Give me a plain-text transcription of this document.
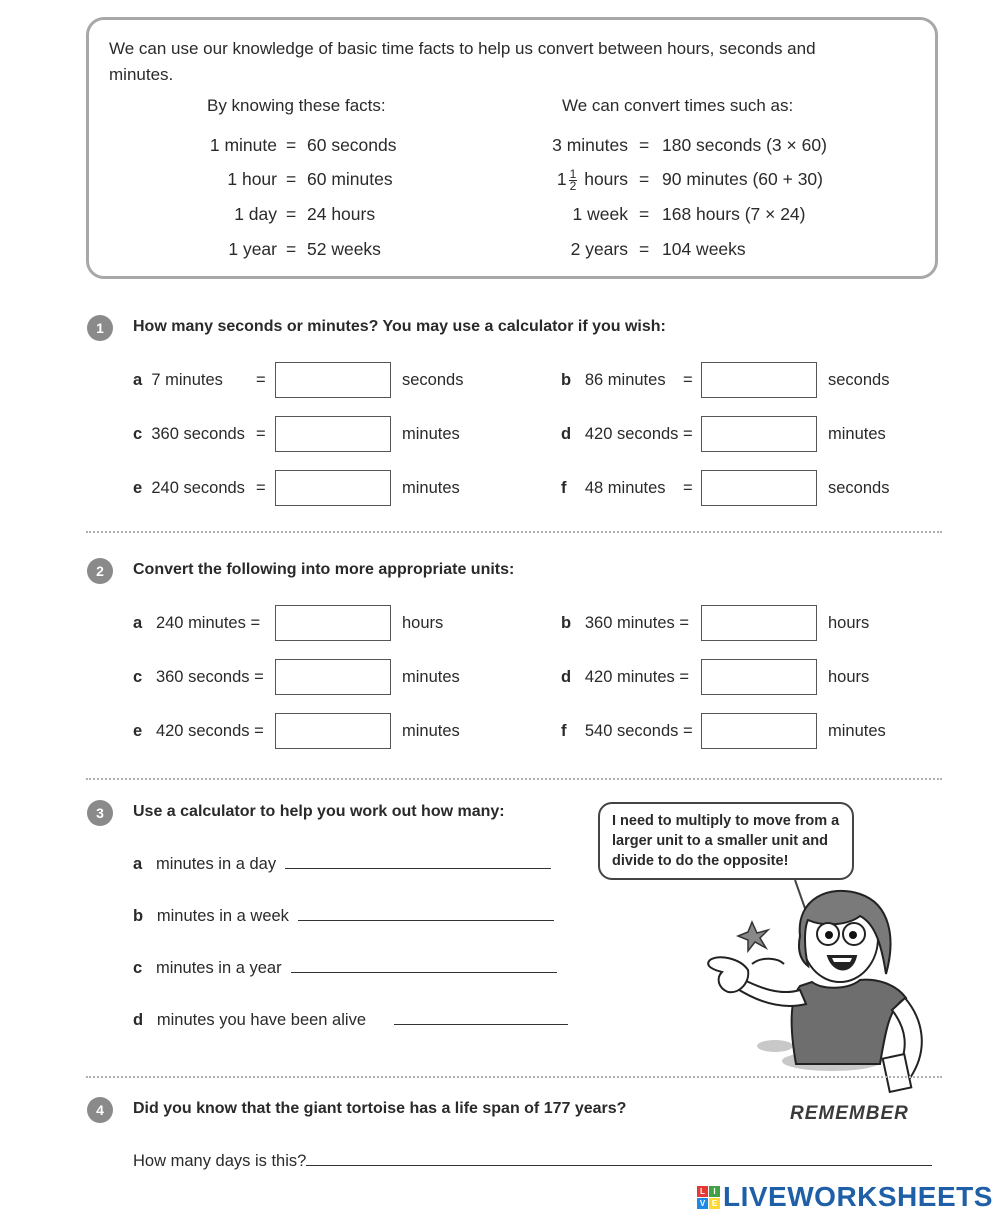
We can use our knowledge of basic time facts to help us convert between hours, seconds and minutes.
By knowing these facts:	We can convert times such as:
1 minute = 60 seconds
1 hour = 60 minutes
1 day = 24 hours
1 year = 52 weeks
3 minutes = 180 seconds (3 × 60)
$1 \frac{1}{2}$ hours = 90 minutes (60 + 30)
1 week = 168 hours (7 × 24)
2 years = 104 weeks
1	How many seconds or minutes? You may use a calculator if you wish:
a 7 minutes =	seconds	b 86 minutes =	seconds
c 360 seconds =	minutes	d 420 seconds =	minutes
e 240 seconds =	minutes	f 48 minutes =	seconds
2	Convert the following into more appropriate units:
a 240 minutes =	hours	b 360 minutes =	hours
c 360 seconds =	minutes	d 420 minutes =	hours
e 420 seconds =	minutes	f 540 seconds =	minutes
3	Use a calculator to help you work out how many:
a minutes in a day
b minutes in a week
c minutes in a year
d minutes you have been alive
I need to multiply to move from a larger unit to a smaller unit and divide to do the opposite!
REMEMBER
4	Did you know that the giant tortoise has a life span of 177 years?
How many days is this?
L	I
V E LIVEWORKSHEETS
